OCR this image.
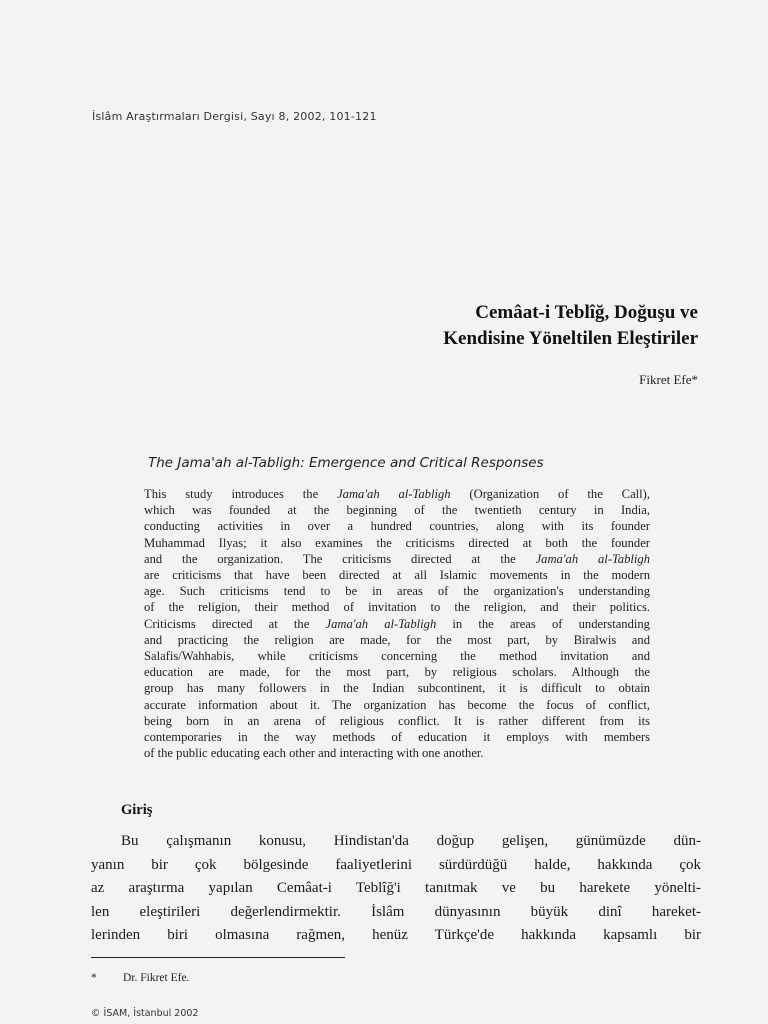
İslâm Araştırmaları Dergisi, Sayı 8, 2002, 101-121
Cemâat-i Teblîğ, Doğuşu ve
Kendisine Yöneltilen Eleştiriler
Fikret Efe*
The Jama'ah al-Tabligh: Emergence and Critical Responses
This study introduces the Jama'ah al-Tabligh (Organization of the Call),
which was founded at the beginning of the twentieth century in India,
conducting activities in over a hundred countries, along with its founder
Muhammad Ilyas; it also examines the criticisms directed at both the founder
and the organization. The criticisms directed at the Jama'ah al-Tabligh
are criticisms that have been directed at all Islamic movements in the modern
age. Such criticisms tend to be in areas of the organization's understanding
of the religion, their method of invitation to the religion, and their politics.
Criticisms directed at the Jama'ah al-Tabligh in the areas of understanding
and practicing the religion are made, for the most part, by Biralwis and
Salafis/Wahhabis, while criticisms concerning the method invitation and
education are made, for the most part, by religious scholars. Although the
group has many followers in the Indian subcontinent, it is difficult to obtain
accurate information about it. The organization has become the focus of conflict,
being born in an arena of religious conflict. It is rather different from its
contemporaries in the way methods of education it employs with members
of the public educating each other and interacting with one another.
Giriş
Bu çalışmanın konusu, Hindistan'da doğup gelişen, günümüzde dün-
yanın bir çok bölgesinde faaliyetlerini sürdürdüğü halde, hakkında çok
az araştırma yapılan Cemâat-i Teblîğ'i tanıtmak ve bu harekete yönelti-
len eleştirileri değerlendirmektir. İslâm dünyasının büyük dinî hareket-
lerinden biri olmasına rağmen, henüz Türkçe'de hakkında kapsamlı bir
* Dr. Fikret Efe.
© İSAM, İstanbul 2002
